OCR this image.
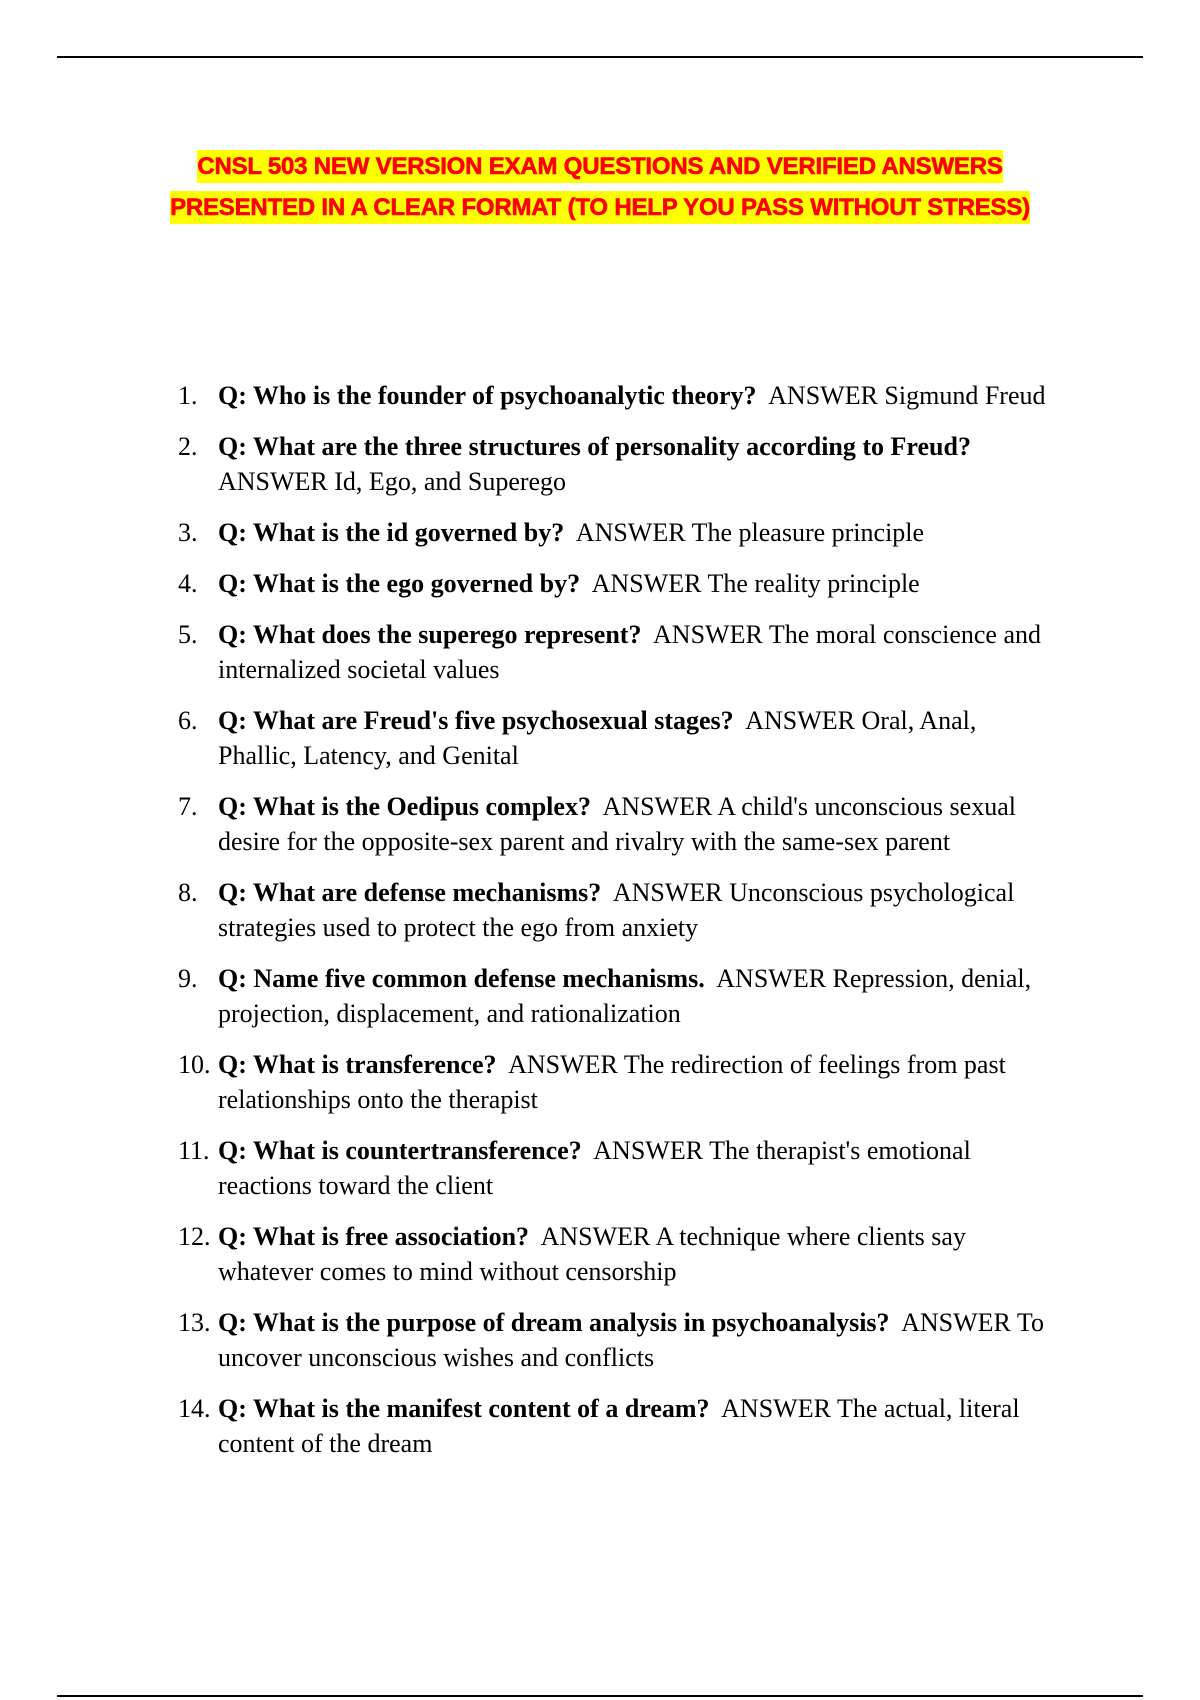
CNSL 503 NEW VERSION EXAM QUESTIONS AND VERIFIED ANSWERS PRESENTED IN A CLEAR FORMAT (TO HELP YOU PASS WITHOUT STRESS)
1. Q: Who is the founder of psychoanalytic theory? ANSWER Sigmund Freud
2. Q: What are the three structures of personality according to Freud?  ANSWER Id, Ego, and Superego
3. Q: What is the id governed by? ANSWER The pleasure principle
4. Q: What is the ego governed by? ANSWER The reality principle
5. Q: What does the superego represent? ANSWER The moral conscience and internalized societal values
6. Q: What are Freud's five psychosexual stages? ANSWER Oral, Anal, Phallic, Latency, and Genital
7. Q: What is the Oedipus complex? ANSWER A child's unconscious sexual desire for the opposite-sex parent and rivalry with the same-sex parent
8. Q: What are defense mechanisms? ANSWER Unconscious psychological strategies used to protect the ego from anxiety
9. Q: Name five common defense mechanisms. ANSWER Repression, denial, projection, displacement, and rationalization
10. Q: What is transference? ANSWER The redirection of feelings from past relationships onto the therapist
11. Q: What is countertransference? ANSWER The therapist's emotional reactions toward the client
12. Q: What is free association? ANSWER A technique where clients say whatever comes to mind without censorship
13. Q: What is the purpose of dream analysis in psychoanalysis? ANSWER To uncover unconscious wishes and conflicts
14. Q: What is the manifest content of a dream? ANSWER The actual, literal content of the dream
